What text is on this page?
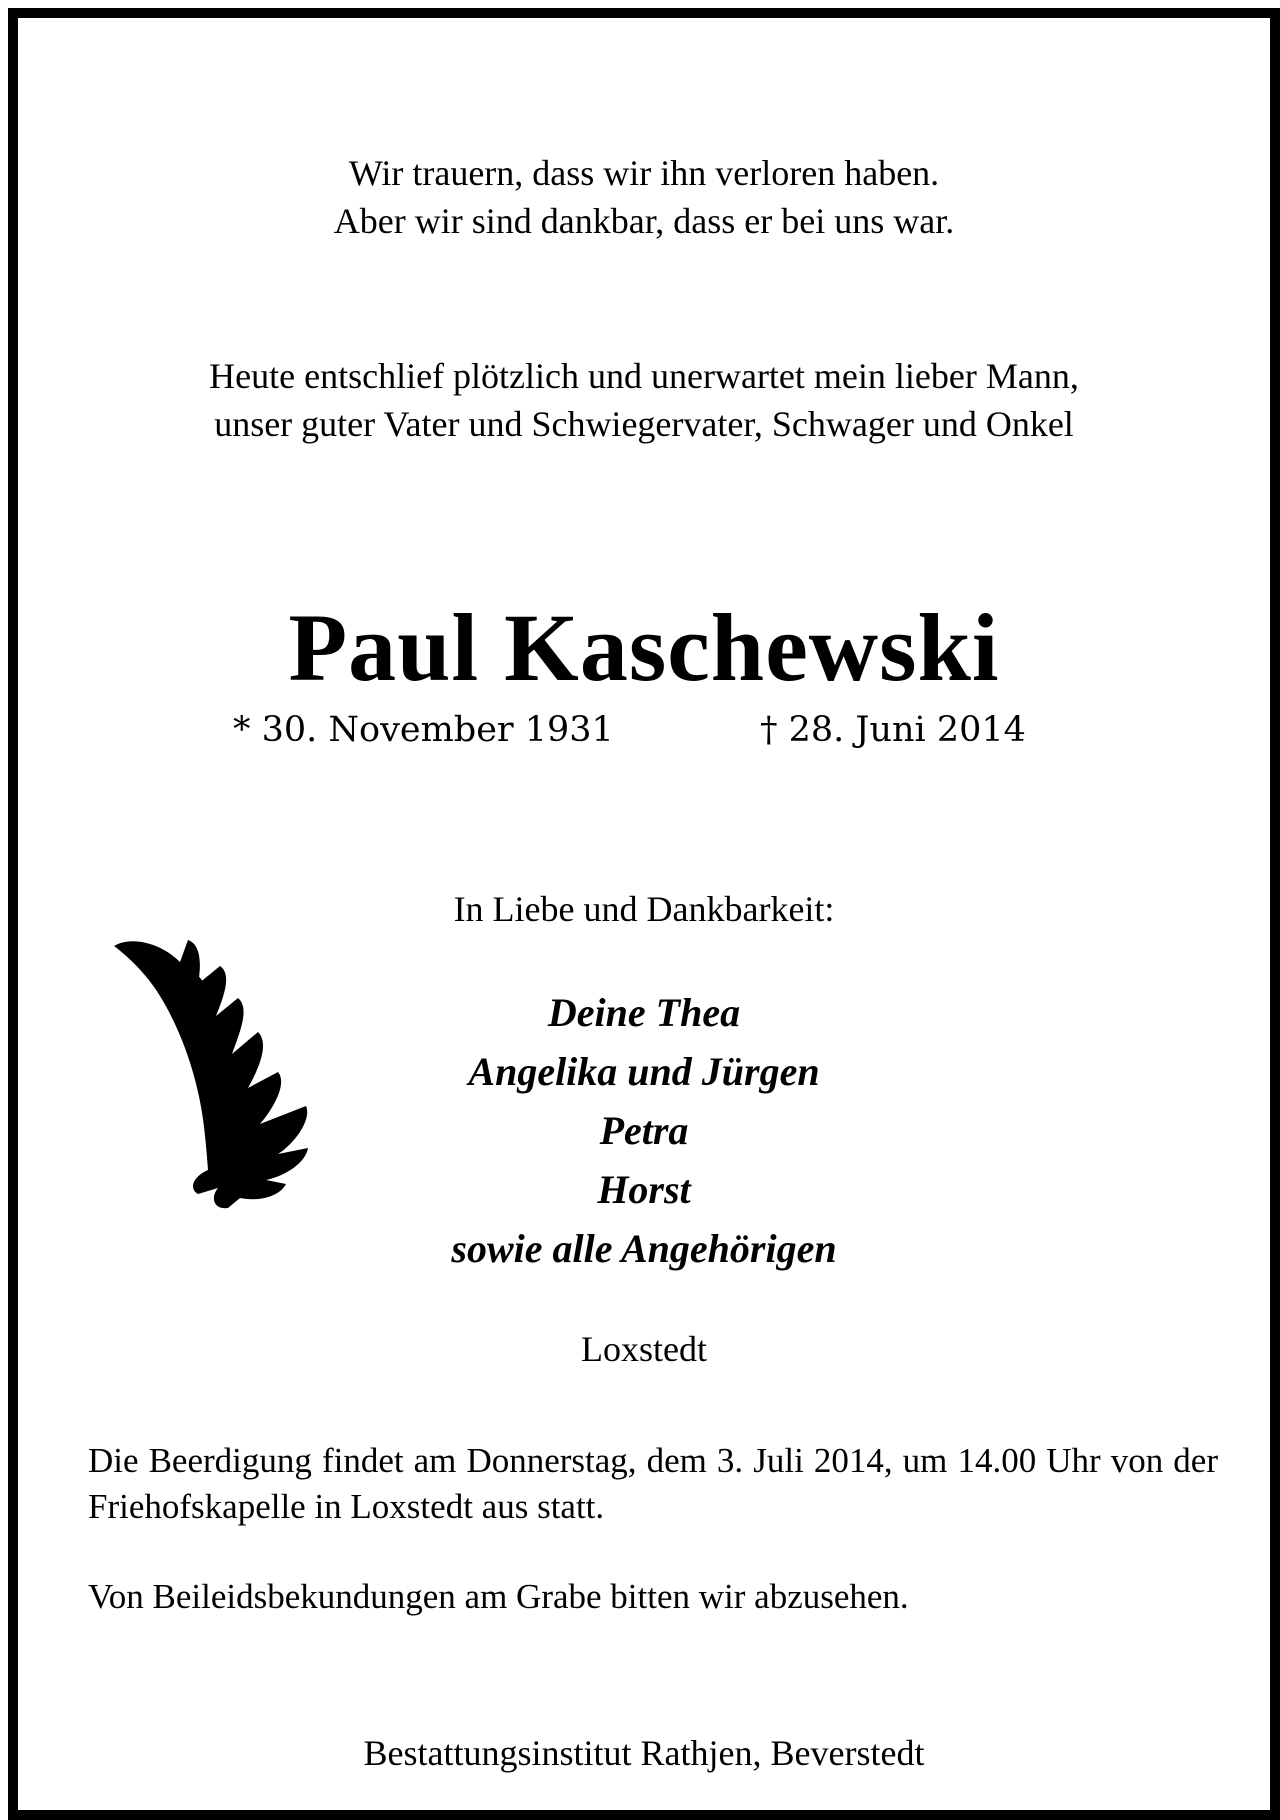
Wir trauern, dass wir ihn verloren haben.
Aber wir sind dankbar, dass er bei uns war.
Heute entschlief plötzlich und unerwartet mein lieber Mann,
unser guter Vater und Schwiegervater, Schwager und Onkel
Paul Kaschewski
* 30. November 1931	† 28. Juni 2014
In Liebe und Dankbarkeit:
Deine Thea
Angelika und Jürgen
Petra
Horst
sowie alle Angehörigen
Loxstedt
Die Beerdigung findet am Donnerstag, dem 3. Juli 2014, um 14.00 Uhr von der Friehofskapelle in Loxstedt aus statt.
Von Beileidsbekundungen am Grabe bitten wir abzusehen.
Bestattungsinstitut Rathjen, Beverstedt
